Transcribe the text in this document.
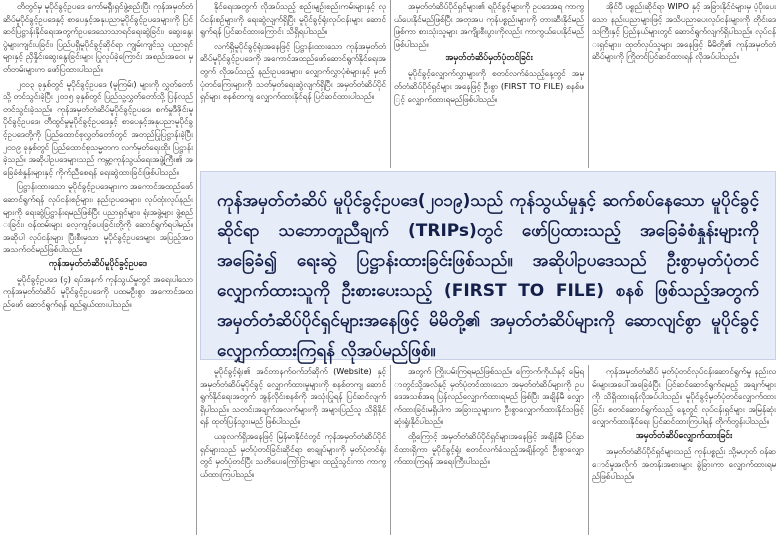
တိတွင်မှ မူပိုင်ခွင့်ဥပဒေ ကော်မရှီးရှင်ဖွဲ့စည်းပြီး ကုန်အမှတ်တံဆိပ်မူပိုင်ခွင့်ဥပဒေနှင့် စာပေနှင့်အနုပညာမူပိုင်ခွင့်ဥပဒေများကို ပြင်ဆင်ပြဋ္ဌာန်းနိုင်ရေးအတွက်ဥပဒေသောသာရင်ရေးဆွဲခြင်း၊ ဆွေးနွေးပွဲများကျင်းပခြင်း၊ ပြည်ပရှိမူပိုင်ခွင့်ဆိုင်ရာ ကျွမ်းကျင်သူ ပညာရှင်များနှင့် ညှိနှိုင်းဆွေးနွေးခြင်းများ ပြုလုပ်ခဲ့ကြောင်း အစည်းအဝေး မှတ်တမ်းများက ဖော်ပြထားပါသည်။

၂၀၁၃ ခုနှစ်တွင် မူပိုင်ခွင့်ဥပဒေ (မူကြမ်း) များကို လွှတ်တော်သို့ တင်သွင်းခဲ့ပြီး ၂၀၁၅ ခုနှစ်တွင် ပြည်သူ့လွှတ်တော်သို့ ပြန်လည်တင်သွင်းခဲ့သည်။ ကုန်အမှတ်တံဆိပ်မူပိုင်ခွင့်ဥပဒေ၊ စက်မှုဒီဇိုင်းမူပိုင်ခွင့်ဥပဒေ၊ တီထွင်မှုမူပိုင်ခွင့်ဥပဒေနှင့် စာပေနှင့်အနုပညာမူပိုင်ခွင့်ဥပဒေတို့ကို ပြည်ထောင်စုလွှတ်တော်တွင် အတည်ပြုပြဋ္ဌာန်းခဲ့ပြီး ၂၀၁၉ ခုနှစ်တွင် ပြည်ထောင်စုသမ္မတက လက်မှတ်ရေးထိုး ပြဋ္ဌာန်းခဲ့သည်။ အဆိုပါဥပဒေများသည် ကမ္ဘာ့ကုန်သွယ်ရေးအဖွဲ့ကြီး၏ အခြေခံစံနှုန်းများနှင့် ကိုက်ညီစေရန် ရေးဆွဲထားခြင်းဖြစ်ပါသည်။

ပြဋ္ဌာန်းထားသော မူပိုင်ခွင့်ဥပဒေများက အကောင်အထည်ဖော်ဆောင်ရွက်ရန် လုပ်ငန်းစဉ်များ၊ နည်းဥပဒေများ၊ လုပ်ထုံးလုပ်နည်းများကို ရေးဆွဲပြဋ္ဌာန်းရမည်ဖြစ်ပြီး ပညာရှင်များ၊ ရုံးအဖွဲ့များ ဖွဲ့စည်းခြင်း၊ ဝန်ထမ်းများ လေ့ကျင့်ပေးခြင်းတို့ကို ဆောင်ရွက်ရပါမည်။ အဆိုပါ လုပ်ငန်းများ ပြီးစီးမှသာ မူပိုင်ခွင့်ဥပဒေများ အပြည့်အဝ အသက်ဝင်မည်ဖြစ်ပါသည်။

ကုန်အမှတ်တံဆိပ်မူပိုင်ခွင့်ဥပဒေ

မူပိုင်ခွင့်ဥပဒေ (၄) ရပ်အနက် ကုန်သွယ်မှုတွင် အရေးပါသော ကုန်အမှတ်တံဆိပ် မူပိုင်ခွင့်ဥပဒေကို ပထမဦးစွာ အကောင်အထည်ဖော် ဆောင်ရွက်ရန် ရည်ရွယ်ထားပါသည်။

နိုင်ရေးအတွက် လိုအပ်သည့် စည်းမျဉ်းစည်းကမ်းများနှင့် လုပ်ငန်းစဉ်များကို ရေးဆွဲလျက်ရှိပြီး မူပိုင်ခွင့်ရုံးလုပ်ငန်းများ ဆောင်ရွက်ရန် ပြင်ဆင်ထားကြောင်း သိရှိရပါသည်။

လက်ရှိမူပိုင်ခွင့်ရုံးအနေဖြင့် ပြဋ္ဌာန်းထားသော ကုန်အမှတ်တံဆိပ်မူပိုင်ခွင့်ဥပဒေကို အကောင်အထည်ဖော်ဆောင်ရွက်နိုင်ရေးအတွက် လိုအပ်သည့် နည်းဥပဒေများ၊ လျှောက်လွှာပုံစံများနှင့် မှတ်ပုံတင်ကြေးများကို သတ်မှတ်ရေးဆွဲလျက်ရှိပြီး အမှတ်တံဆိပ်ပိုင်ရှင်များ စနစ်တကျ လျှောက်ထားနိုင်ရန် ပြင်ဆင်ထားပါသည်။

အမှတ်တံဆိပ်ပိုင်ရှင်များ၏ ရပိုင်ခွင့်များကို ဥပဒေအရ ကာကွယ်ပေးနိုင်မည်ဖြစ်ပြီး အတုအပ ကုန်ပစ္စည်းများကို တားဆီးနိုင်မည်ဖြစ်ကာ စားသုံးသူများ အကျိုးစီးပွားကိုလည်း ကာကွယ်ပေးနိုင်မည် ဖြစ်ပါသည်။

အမှတ်တံဆိပ်မှတ်ပုံတင်ခြင်း

မူပိုင်ခွင့်လျှောက်လွှာများကို စတင်လက်ခံသည့်နေ့တွင် အမှတ်တံဆိပ်ပိုင်ရှင်များ အနေဖြင့် ဦးစွာ (FIRST TO FILE) စနစ်ဖြင့် လျှောက်ထားရမည်ဖြစ်ပါသည်။

အိုင်ပီ ပစ္စည်းဆိုင်ရာ WIPO နှင့် အခြားနိုင်ငံများမှ ပံ့ပိုးပေးသော နည်းပညာများဖြင့် အသိပညာပေးလုပ်ငန်းများကို တိုင်းဒေသကြီးနှင့် ပြည်နယ်များတွင် ဆောင်ရွက်လျက်ရှိပါသည်။ လုပ်ငန်းရှင်များ၊ ထုတ်လုပ်သူများ အနေဖြင့် မိမိတို့၏ ကုန်အမှတ်တံဆိပ်များကို ကြိုတင်ပြင်ဆင်ထားရန် လိုအပ်ပါသည်။

ကုန်အမှတ်တံဆိပ် မူပိုင်ခွင့်ဥပဒေ(၂၀၁၉)သည် ကုန်သွယ်မှုနှင့် ဆက်စပ်နေသော မူပိုင်ခွင့်ဆိုင်ရာ သဘောတူညီချက် (TRIPs)တွင် ဖော်ပြထားသည့် အခြေခံစံနှုန်းများကို အခြေခံ၍ ရေးဆွဲ ပြဋ္ဌာန်းထားခြင်းဖြစ်သည်။ အဆိုပါဥပဒေသည် ဦးစွာမှတ်ပုံတင်လျှောက်ထားသူကို ဦးစားပေးသည့် (FIRST TO FILE) စနစ် ဖြစ်သည့်အတွက် အမှတ်တံဆိပ်ပိုင်ရှင်များအနေဖြင့် မိမိတို့၏ အမှတ်တံဆိပ်များကို ဆောလျင်စွာ မူပိုင်ခွင့်လျှောက်ထားကြရန် လိုအပ်မည်ဖြစ်။

မူပိုင်ခွင့်ရုံး၏ အင်တာနက်ဝက်ဘ်ဆိုက် (Website) နှင့် အမှတ်တံဆိပ်မူပိုင်ခွင့် လျှောက်ထားမှုများကို စနစ်တကျ ဆောင်ရွက်နိုင်ရေးအတွက် အွန်လိုင်းစနစ်ကို အသုံးပြုရန် ပြင်ဆင်လျက်ရှိပါသည်။ သတင်းအချက်အလက်များကို အများပြည်သူ သိရှိနိုင်ရန် ထုတ်ပြန်သွားမည် ဖြစ်ပါသည်။

ယခုလက်ရှိအနေဖြင့် မြန်မာနိုင်ငံတွင် ကုန်အမှတ်တံဆိပ်ပိုင်ရှင်များသည် မှတ်ပုံတင်ခြင်းဆိုင်ရာ စာချုပ်များကို မှတ်ပုံတင်ရုံးတွင် မှတ်ပုံတင်ပြီး သတိပေးကြော်ငြာများ ထည့်သွင်းကာ ကာကွယ်ထားကြပါသည်။

အတွက် ကြိုးပမ်းကြရမည်ဖြစ်သည်။ ကြောက်ကိုယ်နှင့် မြေရာတွင်သို့အလ်နှင့် မှတ်ပုံတင်ထားသော အမှတ်တံဆိပ်များကို ဥပဒေအသစ်အရ ပြန်လည်လျှောက်ထားရမည် ဖြစ်ပြီး အချိန်မီ လျှောက်ထားခြင်းမရှိပါက အခြားသူများက ဦးစွာလျှောက်ထားနိုင်သဖြင့် ဆုံးရှုံးနိုင်ပါသည်။

ထို့ကြောင့် အမှတ်တံဆိပ်ပိုင်ရှင်များအနေဖြင့် အချိန်မီ ပြင်ဆင်ထားရှိကာ မူပိုင်ခွင့်ရုံး စတင်လက်ခံသည့်အချိန်တွင် ဦးစွာလျှောက်ထားကြရန် အရေးကြီးပါသည်။

ကုန်အမှတ်တံဆိပ် မှတ်ပုံတင်လုပ်ငန်းဆောင်ရွက်မှု နည်းလမ်းများအပေါ်အခြေခံပြီး ပြင်ဆင်ဆောင်ရွက်ရမည့် အချက်များကို သိရှိထားရန်လိုအပ်ပါသည်။ မူပိုင်ခွင့်မှတ်ပုံတင်လျှောက်ထားခြင်း စတင်ဆောင်ရွက်သည့် နေ့တွင် လုပ်ငန်းရှင်များ အမြန်ဆုံး လျှောက်ထားနိုင်ရေး ပြင်ဆင်ထားကြပါရန် တိုက်တွန်းပါသည်။

အမှတ်တံဆိပ်လျှောက်ထားခြင်း

အမှတ်တံဆိပ်ပိုင်ရှင်များသည် ကုန်ပစ္စည်း သို့မဟုတ် ဝန်ဆောင်မှုအလိုက် အတန်းအစားများ ခွဲခြားကာ လျှောက်ထားရမည်ဖြစ်ပါသည်။
